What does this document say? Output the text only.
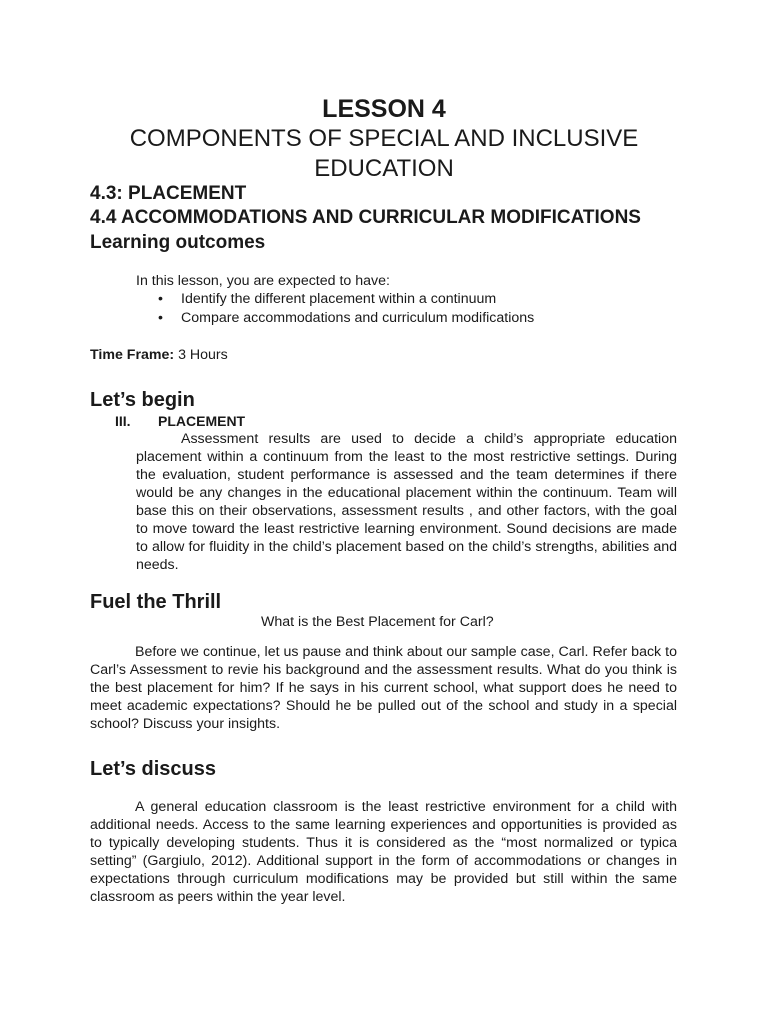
LESSON 4
COMPONENTS OF SPECIAL AND INCLUSIVE
EDUCATION
4.3: PLACEMENT
4.4 ACCOMMODATIONS AND CURRICULAR MODIFICATIONS
Learning outcomes

In this lesson, you are expected to have:

• Identify the different placement within a continuum
• Compare accommodations and curriculum modifications

Time Frame: 3 Hours

Let’s begin
III. PLACEMENT

Assessment results are used to decide a child’s appropriate education placement within a continuum from the least to the most restrictive settings. During the evaluation, student performance is assessed and the team determines if there would be any changes in the educational placement within the continuum. Team will base this on their observations, assessment results , and other factors, with the goal to move toward the least restrictive learning environment. Sound decisions are made to allow for fluidity in the child’s placement based on the child’s strengths, abilities and needs.

Fuel the Thrill

What is the Best Placement for Carl?

Before we continue, let us pause and think about our sample case, Carl. Refer back to Carl’s Assessment to revie his background and the assessment results. What do you think is the best placement for him? If he says in his current school, what support does he need to meet academic expectations? Should he be pulled out of the school and study in a special school? Discuss your insights.

Let’s discuss

A general education classroom is the least restrictive environment for a child with additional needs. Access to the same learning experiences and opportunities is provided as to typically developing students. Thus it is considered as the “most normalized or typica setting” (Gargiulo, 2012). Additional support in the form of accommodations or changes in expectations through curriculum modifications may be provided but still within the same classroom as peers within the year level.
